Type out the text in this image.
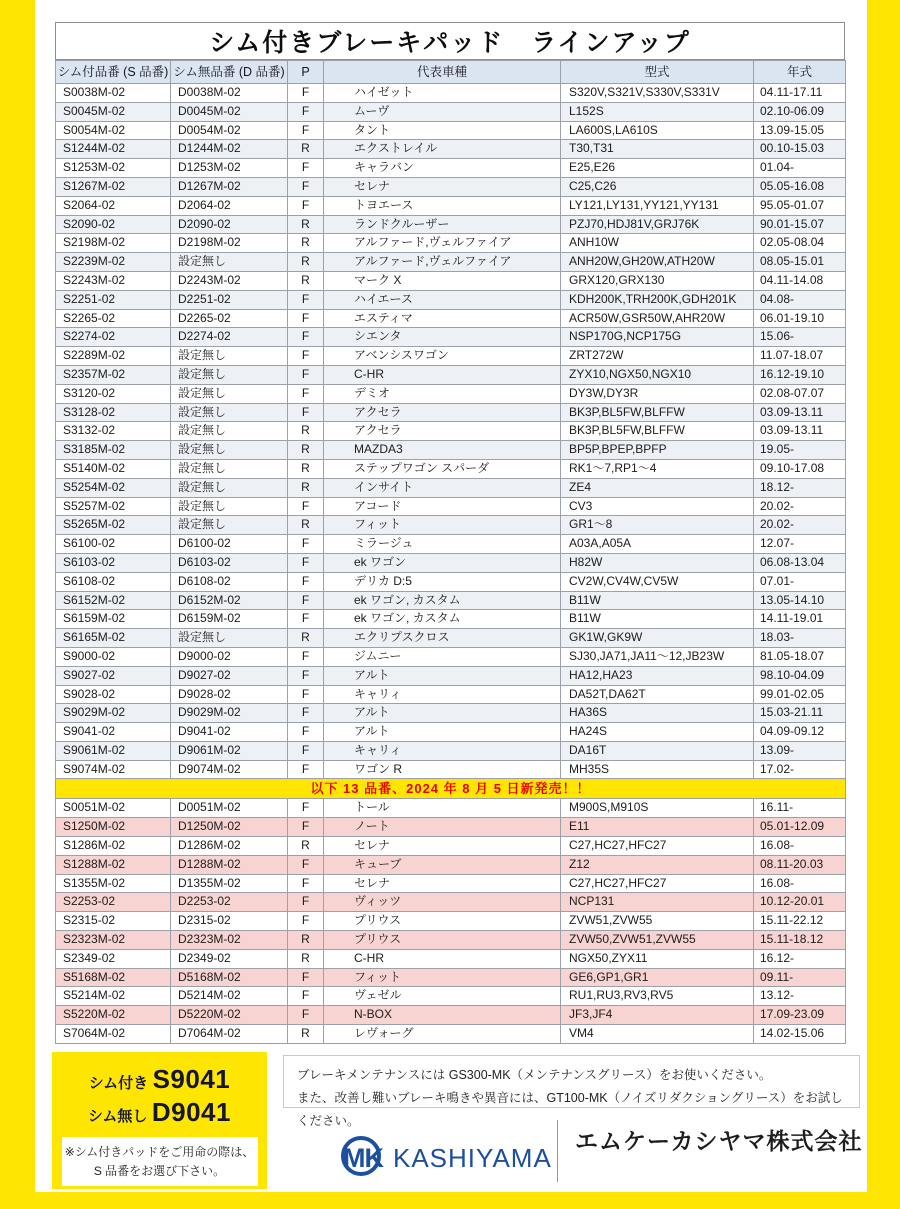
シム付きブレーキパッド　ラインアップ
シム付品番 (S 品番)	シム無品番 (D 品番)	P	代表車種	型式	年式
S0038M-02	D0038M-02	F	ハイゼット	S320V,S321V,S330V,S331V	04.11-17.11
S0045M-02	D0045M-02	F	ムーヴ	L152S	02.10-06.09
S0054M-02	D0054M-02	F	タント	LA600S,LA610S	13.09-15.05
S1244M-02	D1244M-02	R	エクストレイル	T30,T31	00.10-15.03
S1253M-02	D1253M-02	F	キャラバン	E25,E26	01.04-
S1267M-02	D1267M-02	F	セレナ	C25,C26	05.05-16.08
S2064-02	D2064-02	F	トヨエース	LY121,LY131,YY121,YY131	95.05-01.07
S2090-02	D2090-02	R	ランドクルーザー	PZJ70,HDJ81V,GRJ76K	90.01-15.07
S2198M-02	D2198M-02	R	アルファード,ヴェルファイア	ANH10W	02.05-08.04
S2239M-02	設定無し	R	アルファード,ヴェルファイア	ANH20W,GH20W,ATH20W	08.05-15.01
S2243M-02	D2243M-02	R	マーク X	GRX120,GRX130	04.11-14.08
S2251-02	D2251-02	F	ハイエース	KDH200K,TRH200K,GDH201K	04.08-
S2265-02	D2265-02	F	エスティマ	ACR50W,GSR50W,AHR20W	06.01-19.10
S2274-02	D2274-02	F	シエンタ	NSP170G,NCP175G	15.06-
S2289M-02	設定無し	F	アベンシスワゴン	ZRT272W	11.07-18.07
S2357M-02	設定無し	F	C-HR	ZYX10,NGX50,NGX10	16.12-19.10
S3120-02	設定無し	F	デミオ	DY3W,DY3R	02.08-07.07
S3128-02	設定無し	F	アクセラ	BK3P,BL5FW,BLFFW	03.09-13.11
S3132-02	設定無し	R	アクセラ	BK3P,BL5FW,BLFFW	03.09-13.11
S3185M-02	設定無し	R	MAZDA3	BP5P,BPEP,BPFP	19.05-
S5140M-02	設定無し	R	ステップワゴン スパーダ	RK1～7,RP1～4	09.10-17.08
S5254M-02	設定無し	R	インサイト	ZE4	18.12-
S5257M-02	設定無し	F	アコード	CV3	20.02-
S5265M-02	設定無し	R	フィット	GR1～8	20.02-
S6100-02	D6100-02	F	ミラージュ	A03A,A05A	12.07-
S6103-02	D6103-02	F	ek ワゴン	H82W	06.08-13.04
S6108-02	D6108-02	F	デリカ D:5	CV2W,CV4W,CV5W	07.01-
S6152M-02	D6152M-02	F	ek ワゴン, カスタム	B11W	13.05-14.10
S6159M-02	D6159M-02	F	ek ワゴン, カスタム	B11W	14.11-19.01
S6165M-02	設定無し	R	エクリプスクロス	GK1W,GK9W	18.03-
S9000-02	D9000-02	F	ジムニー	SJ30,JA71,JA11～12,JB23W	81.05-18.07
S9027-02	D9027-02	F	アルト	HA12,HA23	98.10-04.09
S9028-02	D9028-02	F	キャリィ	DA52T,DA62T	99.01-02.05
S9029M-02	D9029M-02	F	アルト	HA36S	15.03-21.11
S9041-02	D9041-02	F	アルト	HA24S	04.09-09.12
S9061M-02	D9061M-02	F	キャリィ	DA16T	13.09-
S9074M-02	D9074M-02	F	ワゴン R	MH35S	17.02-
以下 13 品番、2024 年 8 月 5 日新発売！！					
S0051M-02	D0051M-02	F	トール	M900S,M910S	16.11-
S1250M-02	D1250M-02	F	ノート	E11	05.01-12.09
S1286M-02	D1286M-02	R	セレナ	C27,HC27,HFC27	16.08-
S1288M-02	D1288M-02	F	キューブ	Z12	08.11-20.03
S1355M-02	D1355M-02	F	セレナ	C27,HC27,HFC27	16.08-
S2253-02	D2253-02	F	ヴィッツ	NCP131	10.12-20.01
S2315-02	D2315-02	F	プリウス	ZVW51,ZVW55	15.11-22.12
S2323M-02	D2323M-02	R	プリウス	ZVW50,ZVW51,ZVW55	15.11-18.12
S2349-02	D2349-02	R	C-HR	NGX50,ZYX11	16.12-
S5168M-02	D5168M-02	F	フィット	GE6,GP1,GR1	09.11-
S5214M-02	D5214M-02	F	ヴェゼル	RU1,RU3,RV3,RV5	13.12-
S5220M-02	D5220M-02	F	N-BOX	JF3,JF4	17.09-23.09
S7064M-02	D7064M-02	R	レヴォーグ	VM4	14.02-15.06
シム付き S9041
シム無し D9041
※シム付きパッドをご用命の際は、
S 品番をお選び下さい。
ブレーキメンテナンスには GS300-MK（メンテナンスグリース）をお使いください。
また、改善し難いブレーキ鳴きや異音には、GT100-MK（ノイズリダクショングリース）をお試しください。
MK KASHIYAMA
エムケーカシヤマ株式会社
